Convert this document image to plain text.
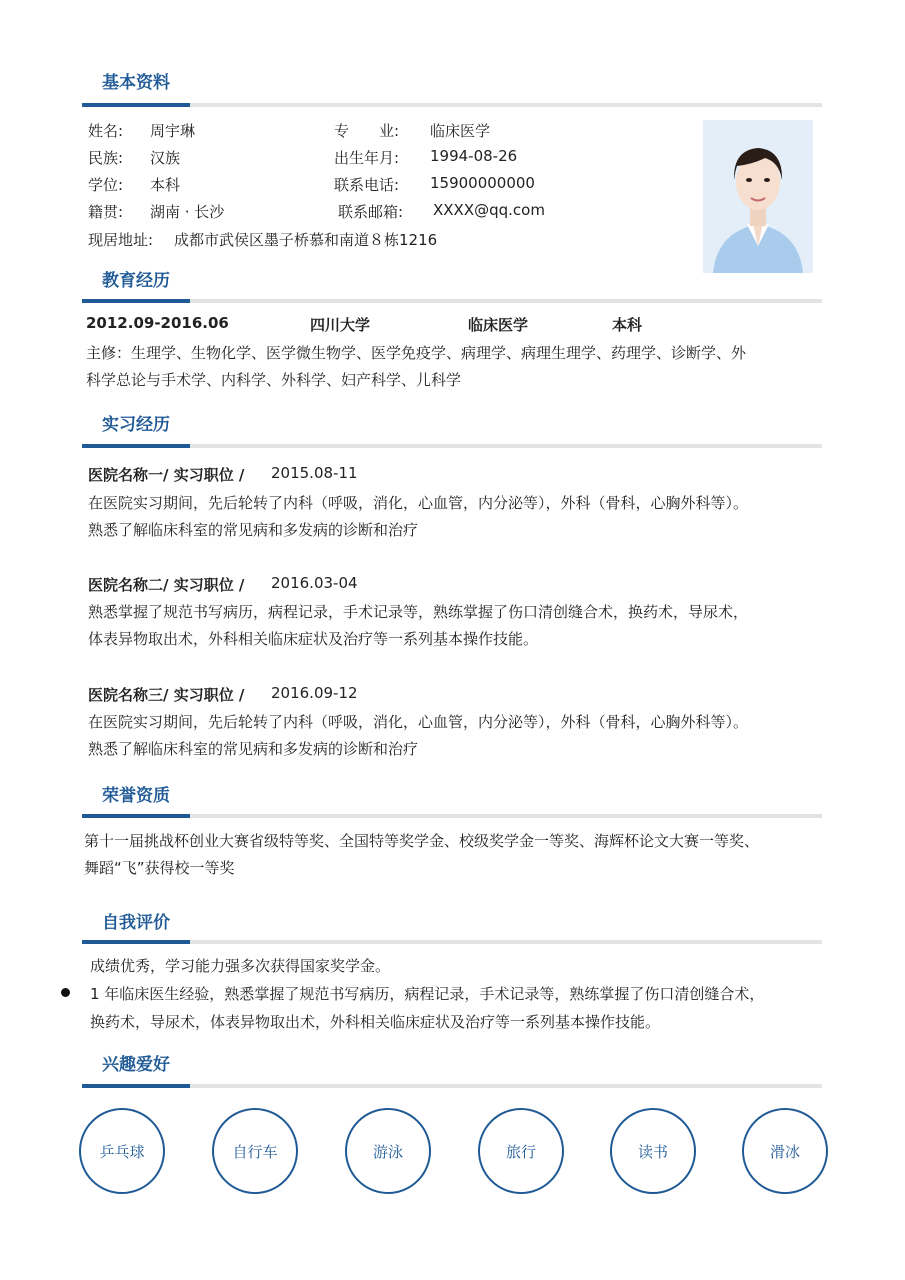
基本资料
姓名: 周宇琳	专　　业: 临床医学
民族: 汉族	出生年月: 1994-08-26
学位: 本科	联系电话: 15900000000
籍贯: 湖南 · 长沙	联系邮箱: XXXX@qq.com
现居地址: 成都市武侯区墨子桥慕和南道８栋1216
教育经历
2012.09-2016.06	四川大学	临床医学	本科
主修：生理学、生物化学、医学微生物学、医学免疫学、病理学、病理生理学、药理学、诊断学、外
科学总论与手术学、内科学、外科学、妇产科学、儿科学
实习经历
医院名称一/ 实习职位 / 2015.08-11
在医院实习期间，先后轮转了内科（呼吸，消化，心血管，内分泌等），外科（骨科，心胸外科等）。
熟悉了解临床科室的常见病和多发病的诊断和治疗
医院名称二/ 实习职位 / 2016.03-04
熟悉掌握了规范书写病历，病程记录，手术记录等，熟练掌握了伤口清创缝合术，换药术，导尿术，
体表异物取出术，外科相关临床症状及治疗等一系列基本操作技能。
医院名称三/ 实习职位 / 2016.09-12
在医院实习期间，先后轮转了内科（呼吸，消化，心血管，内分泌等），外科（骨科，心胸外科等）。
熟悉了解临床科室的常见病和多发病的诊断和治疗
荣誉资质
第十一届挑战杯创业大赛省级特等奖、全国特等奖学金、校级奖学金一等奖、海辉杯论文大赛一等奖、
舞蹈“飞”获得校一等奖
自我评价
成绩优秀，学习能力强多次获得国家奖学金。
1 年临床医生经验，熟悉掌握了规范书写病历，病程记录，手术记录等，熟练掌握了伤口清创缝合术，
换药术，导尿术，体表异物取出术，外科相关临床症状及治疗等一系列基本操作技能。
兴趣爱好
乒乓球	自行车	游泳	旅行	读书	滑冰
